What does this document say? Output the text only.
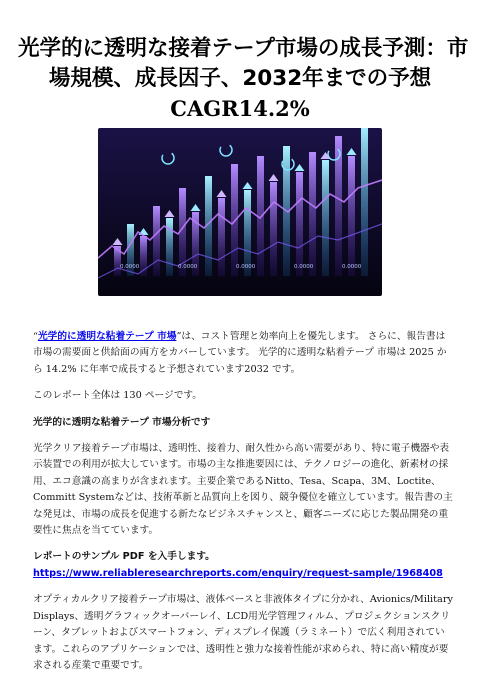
光学的に透明な接着テープ市場の成長予測：市
場規模、成長因子、2032年までの予想
CAGR14.2%
0.0000	0.0000	0.0000	0.0000	0.0000

“光学的に透明な粘着テープ 市場”は、コスト管理と効率向上を優先します。 さらに、報告書は市場の需要面と供給面の両方をカバーしています。 光学的に透明な粘着テープ 市場は 2025 から 14.2% に年率で成長すると予想されています2032 です。

このレポート全体は 130 ページです。

光学的に透明な粘着テープ 市場分析です

光学クリア接着テープ市場は、透明性、接着力、耐久性から高い需要があり、特に電子機器や表示装置での利用が拡大しています。市場の主な推進要因には、テクノロジーの進化、新素材の採用、エコ意識の高まりが含まれます。主要企業であるNitto、Tesa、Scapa、3M、Loctite、Committ Systemなどは、技術革新と品質向上を図り、競争優位を確立しています。報告書の主な発見は、市場の成長を促進する新たなビジネスチャンスと、顧客ニーズに応じた製品開発の重要性に焦点を当てています。

レポートのサンプル PDF を入手します。 https://www.reliableresearchreports.com/enquiry/request-sample/1968408

オプティカルクリア接着テープ市場は、液体ベースと非液体タイプに分かれ、Avionics/Military Displays、透明グラフィックオーバーレイ、LCD用光学管理フィルム、プロジェクションスクリーン、タブレットおよびスマートフォン、ディスプレイ保護（ラミネート）で広く利用されています。これらのアプリケーションでは、透明性と強力な接着性能が求められ、特に高い精度が要求される産業で重要です。
